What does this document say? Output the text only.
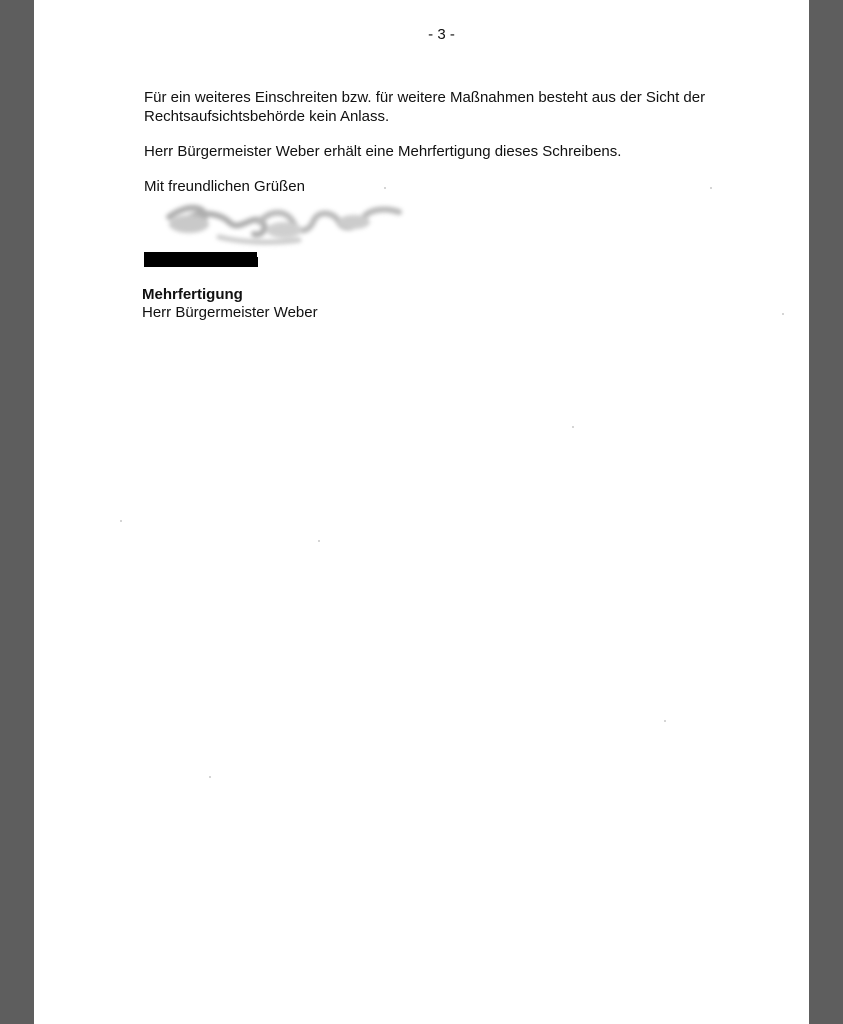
- 3 -
Für ein weiteres Einschreiten bzw. für weitere Maßnahmen besteht aus der Sicht der
Rechtsaufsichtsbehörde kein Anlass.
Herr Bürgermeister Weber erhält eine Mehrfertigung dieses Schreibens.
Mit freundlichen Grüßen
Mehrfertigung
Herr Bürgermeister Weber
